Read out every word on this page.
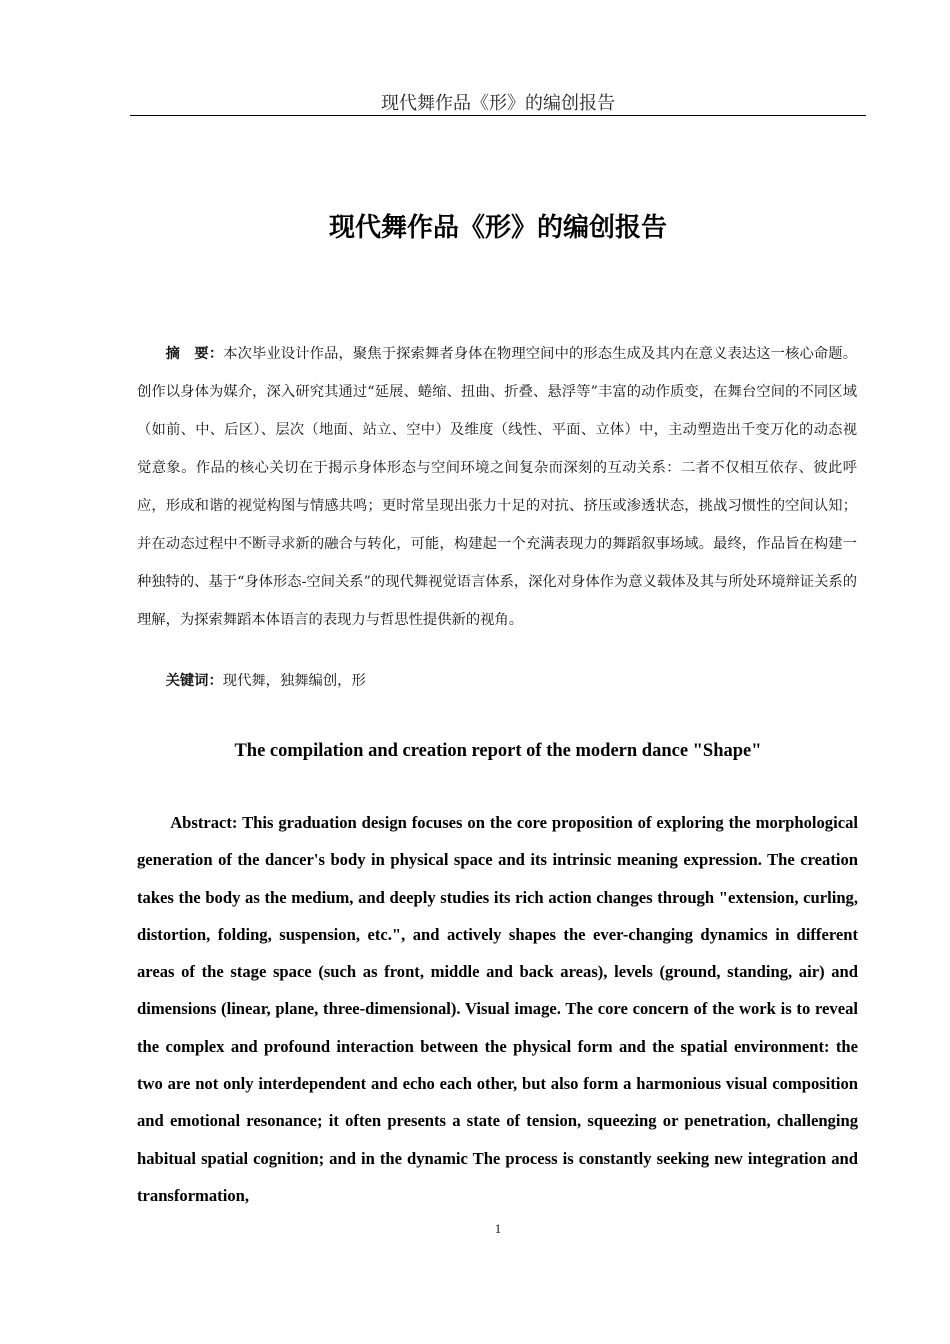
现代舞作品《形》的编创报告
现代舞作品《形》的编创报告

摘　要：本次毕业设计作品，聚焦于探索舞者身体在物理空间中的形态生成及其内在意义表达这一核心命题。创作以身体为媒介，深入研究其通过“延展、蜷缩、扭曲、折叠、悬浮等”丰富的动作质变，在舞台空间的不同区域（如前、中、后区）、层次（地面、站立、空中）及维度（线性、平面、立体）中，主动塑造出千变万化的动态视觉意象。作品的核心关切在于揭示身体形态与空间环境之间复杂而深刻的互动关系：二者不仅相互依存、彼此呼应，形成和谐的视觉构图与情感共鸣；更时常呈现出张力十足的对抗、挤压或渗透状态，挑战习惯性的空间认知；并在动态过程中不断寻求新的融合与转化，可能，构建起一个充满表现力的舞蹈叙事场域。最终，作品旨在构建一种独特的、基于“身体形态-空间关系”的现代舞视觉语言体系，深化对身体作为意义载体及其与所处环境辩证关系的理解，为探索舞蹈本体语言的表现力与哲思性提供新的视角。

关键词：现代舞，独舞编创，形

The compilation and creation report of the modern dance "Shape"

Abstract: This graduation design focuses on the core proposition of exploring the morphological generation of the dancer's body in physical space and its intrinsic meaning expression. The creation takes the body as the medium, and deeply studies its rich action changes through "extension, curling, distortion, folding, suspension, etc.", and actively shapes the ever-changing dynamics in different areas of the stage space (such as front, middle and back areas), levels (ground, standing, air) and dimensions (linear, plane, three-dimensional). Visual image. The core concern of the work is to reveal the complex and profound interaction between the physical form and the spatial environment: the two are not only interdependent and echo each other, but also form a harmonious visual composition and emotional resonance; it often presents a state of tension, squeezing or penetration, challenging habitual spatial cognition; and in the dynamic The process is constantly seeking new integration and transformation,

1
